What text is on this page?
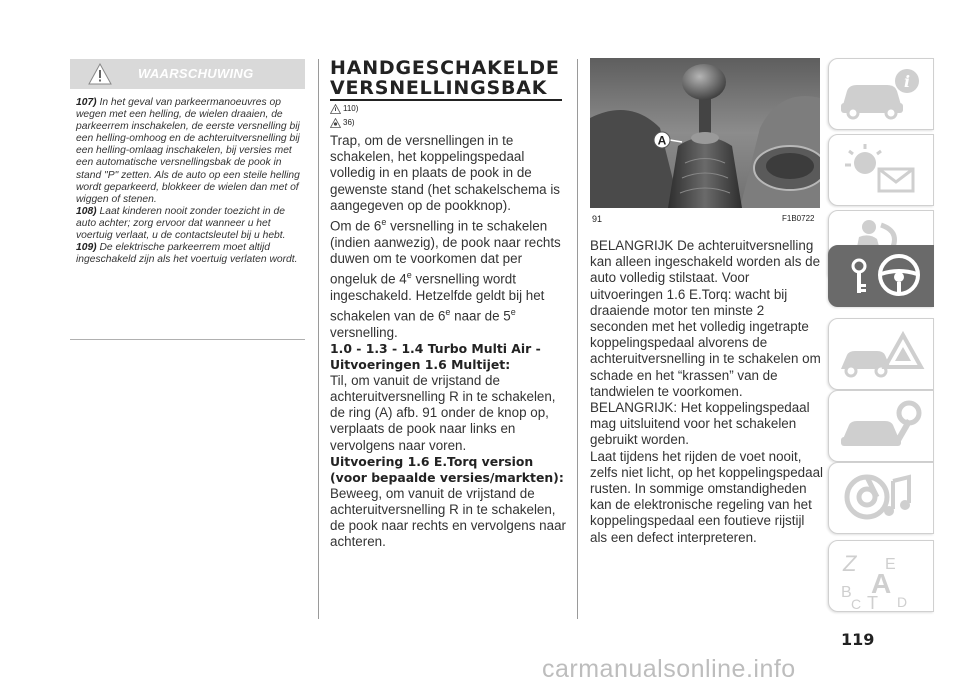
WAARSCHUWING

107) In het geval van parkeermanoeuvres op wegen met een helling, de wielen draaien, de parkeerrem inschakelen, de eerste versnelling bij een helling-omhoog en de achteruitversnelling bij een helling-omlaag inschakelen, bij versies met een automatische versnellingsbak de pook in stand "P" zetten. Als de auto op een steile helling wordt geparkeerd, blokkeer de wielen dan met of wiggen of stenen.

108) Laat kinderen nooit zonder toezicht in de auto achter; zorg ervoor dat wanneer u het voertuig verlaat, u de contactsleutel bij u hebt.

109) De elektrische parkeerrem moet altijd ingeschakeld zijn als het voertuig verlaten wordt.

HANDGESCHAKELDE
VERSNELLINGSBAK
110)
36)

Trap, om de versnellingen in te schakelen, het koppelingspedaal volledig in en plaats de pook in de gewenste stand (het schakelschema is aangegeven op de pookknop).

Om de 6e versnelling in te schakelen (indien aanwezig), de pook naar rechts duwen om te voorkomen dat per ongeluk de 4e versnelling wordt ingeschakeld. Hetzelfde geldt bij het schakelen van de 6e naar de 5e versnelling.

1.0 - 1.3 - 1.4 Turbo Multi Air - Uitvoeringen 1.6 Multijet:

Til, om vanuit de vrijstand de achteruitversnelling R in te schakelen, de ring (A) afb. 91 onder de knop op, verplaats de pook naar links en vervolgens naar voren.

Uitvoering 1.6 E.Torq version (voor bepaalde versies/markten):

Beweeg, om vanuit de vrijstand de achteruitversnelling R in te schakelen, de pook naar rechts en vervolgens naar achteren.

A
91	F1B0722

BELANGRIJK De achteruitversnelling kan alleen ingeschakeld worden als de auto volledig stilstaat. Voor uitvoeringen 1.6 E.Torq: wacht bij draaiende motor ten minste 2 seconden met het volledig ingetrapte koppelingspedaal alvorens de achteruitversnelling in te schakelen om schade en het “krassen” van de tandwielen te voorkomen.

BELANGRIJK: Het koppelingspedaal mag uitsluitend voor het schakelen gebruikt worden.

Laat tijdens het rijden de voet nooit, zelfs niet licht, op het koppelingspedaal rusten. In sommige omstandigheden kan de elektronische regeling van het koppelingspedaal een foutieve rijstijl als een defect interpreteren.

i
Z E
B A
C T D
119
carmanualsonline.info
